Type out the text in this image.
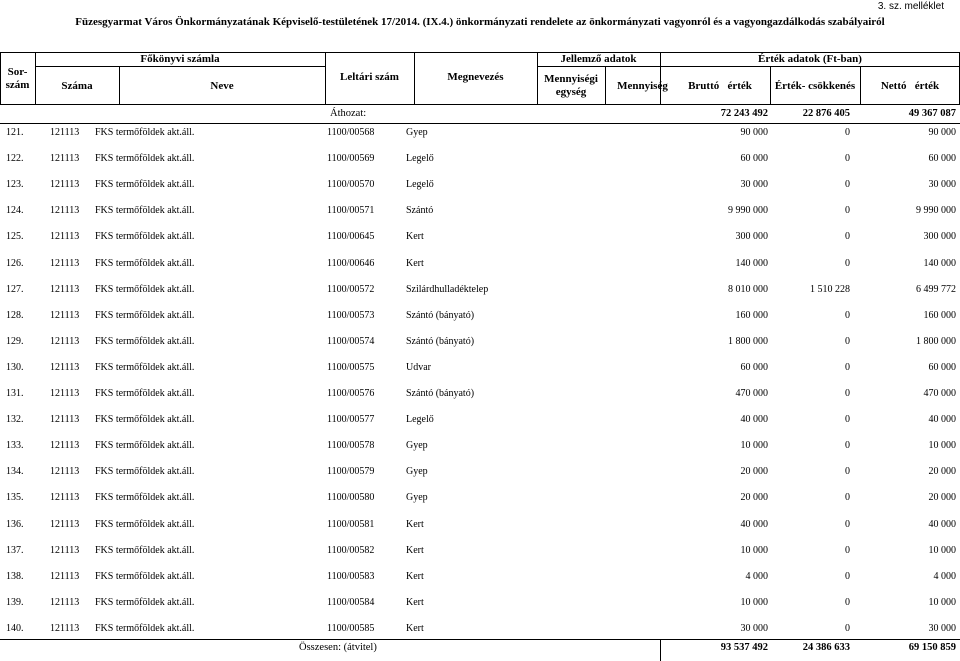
3. sz. melléklet
Füzesgyarmat Város Önkormányzatának Képviselő-testületének 17/2014. (IX.4.) önkormányzati rendelete az önkormányzati vagyonról és a vagyongazdálkodás szabályairól
Sor-
szám
Főkönyvi számla
Száma	Neve
Leltári szám	Megnevezés
Jellemző adatok
Mennyiségi
egység	Mennyiség
Érték adatok (Ft-ban)
Bruttó   érték	Érték- csökkenés	Nettó   érték
Áthozat:	72 243 492	22 876 405	49 367 087
121.	121113 FKS termőföldek akt.áll.	1100/00568	Gyep	90 000	0	90 000
122.	121113 FKS termőföldek akt.áll.	1100/00569	Legelő	60 000	0	60 000
123.	121113 FKS termőföldek akt.áll.	1100/00570	Legelő	30 000	0	30 000
124.	121113 FKS termőföldek akt.áll.	1100/00571	Szántó	9 990 000	0	9 990 000
125.	121113 FKS termőföldek akt.áll.	1100/00645	Kert	300 000	0	300 000
126.	121113 FKS termőföldek akt.áll.	1100/00646	Kert	140 000	0	140 000
127.	121113 FKS termőföldek akt.áll.	1100/00572	Szilárdhulladéktelep	8 010 000	1 510 228	6 499 772
128.	121113 FKS termőföldek akt.áll.	1100/00573	Szántó (bányató)	160 000	0	160 000
129.	121113 FKS termőföldek akt.áll.	1100/00574	Szántó (bányató)	1 800 000	0	1 800 000
130.	121113 FKS termőföldek akt.áll.	1100/00575	Udvar	60 000	0	60 000
131.	121113 FKS termőföldek akt.áll.	1100/00576	Szántó (bányató)	470 000	0	470 000
132.	121113 FKS termőföldek akt.áll.	1100/00577	Legelő	40 000	0	40 000
133.	121113 FKS termőföldek akt.áll.	1100/00578	Gyep	10 000	0	10 000
134.	121113 FKS termőföldek akt.áll.	1100/00579	Gyep	20 000	0	20 000
135.	121113 FKS termőföldek akt.áll.	1100/00580	Gyep	20 000	0	20 000
136.	121113 FKS termőföldek akt.áll.	1100/00581	Kert	40 000	0	40 000
137.	121113 FKS termőföldek akt.áll.	1100/00582	Kert	10 000	0	10 000
138.	121113 FKS termőföldek akt.áll.	1100/00583	Kert	4 000	0	4 000
139.	121113 FKS termőföldek akt.áll.	1100/00584	Kert	10 000	0	10 000
140.	121113 FKS termőföldek akt.áll.	1100/00585	Kert	30 000	0	30 000
Összesen: (átvitel)	93 537 492	24 386 633	69 150 859
